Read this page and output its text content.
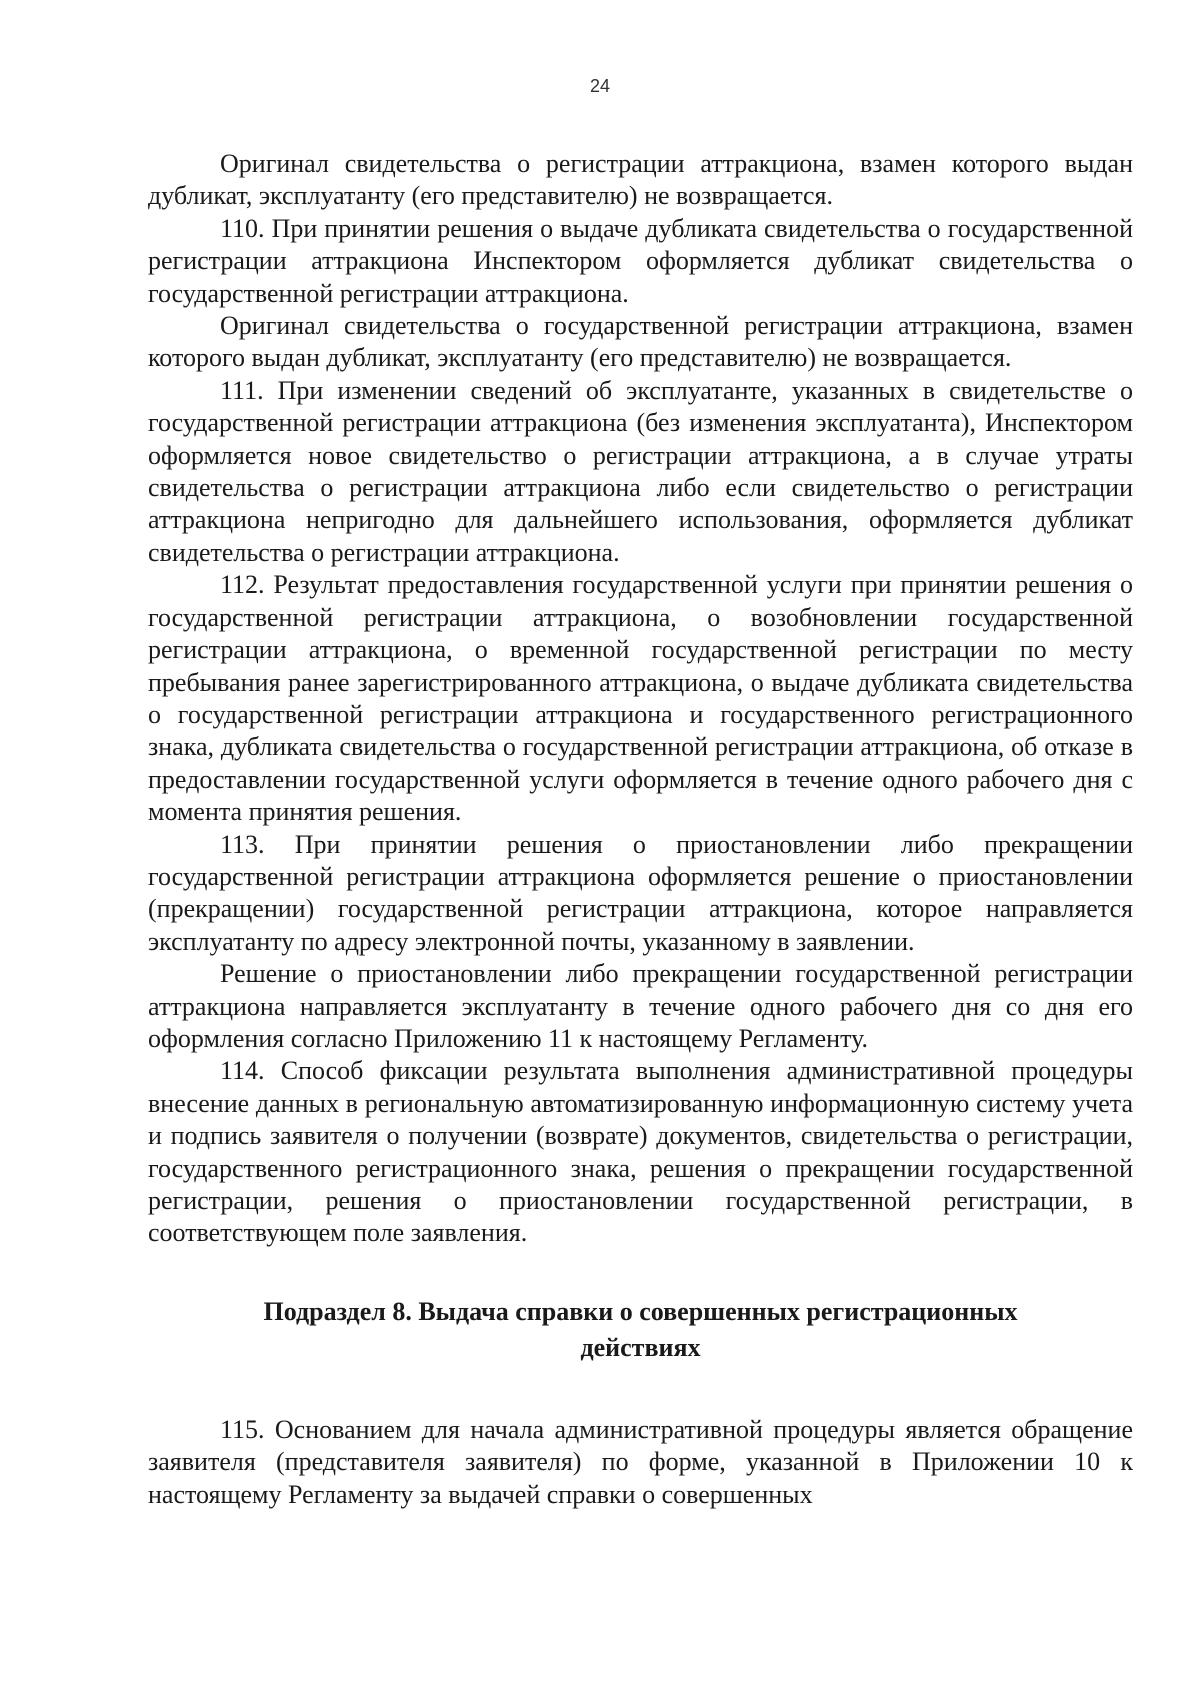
24

Оригинал свидетельства о регистрации аттракциона, взамен которого выдан дубликат, эксплуатанту (его представителю) не возвращается.

110. При принятии решения о выдаче дубликата свидетельства о государственной регистрации аттракциона Инспектором оформляется дубликат свидетельства о государственной регистрации аттракциона.

Оригинал свидетельства о государственной регистрации аттракциона, взамен которого выдан дубликат, эксплуатанту (его представителю) не возвращается.

111. При изменении сведений об эксплуатанте, указанных в свидетельстве о государственной регистрации аттракциона (без изменения эксплуатанта), Инспектором оформляется новое свидетельство о регистрации аттракциона, а в случае утраты свидетельства о регистрации аттракциона либо если свидетельство о регистрации аттракциона непригодно для дальнейшего использования, оформляется дубликат свидетельства о регистрации аттракциона.

112. Результат предоставления государственной услуги при принятии решения о государственной регистрации аттракциона, о возобновлении государственной регистрации аттракциона, о временной государственной регистрации по месту пребывания ранее зарегистрированного аттракциона, о выдаче дубликата свидетельства о государственной регистрации аттракциона и государственного регистрационного знака, дубликата свидетельства о государственной регистрации аттракциона, об отказе в предоставлении государственной услуги оформляется в течение одного рабочего дня с момента принятия решения.

113. При принятии решения о приостановлении либо прекращении государственной регистрации аттракциона оформляется решение о приостановлении (прекращении) государственной регистрации аттракциона, которое направляется эксплуатанту по адресу электронной почты, указанному в заявлении.

Решение о приостановлении либо прекращении государственной регистрации аттракциона направляется эксплуатанту в течение одного рабочего дня со дня его оформления согласно Приложению 11 к настоящему Регламенту.

114. Способ фиксации результата выполнения административной процедуры внесение данных в региональную автоматизированную информационную систему учета и подпись заявителя о получении (возврате) документов, свидетельства о регистрации, государственного регистрационного знака, решения о прекращении государственной регистрации, решения о приостановлении государственной регистрации, в соответствующем поле заявления.

Подраздел 8. Выдача справки о совершенных регистрационных действиях

115. Основанием для начала административной процедуры является обращение заявителя (представителя заявителя) по форме, указанной в Приложении 10 к настоящему Регламенту за выдачей справки о совершенных
